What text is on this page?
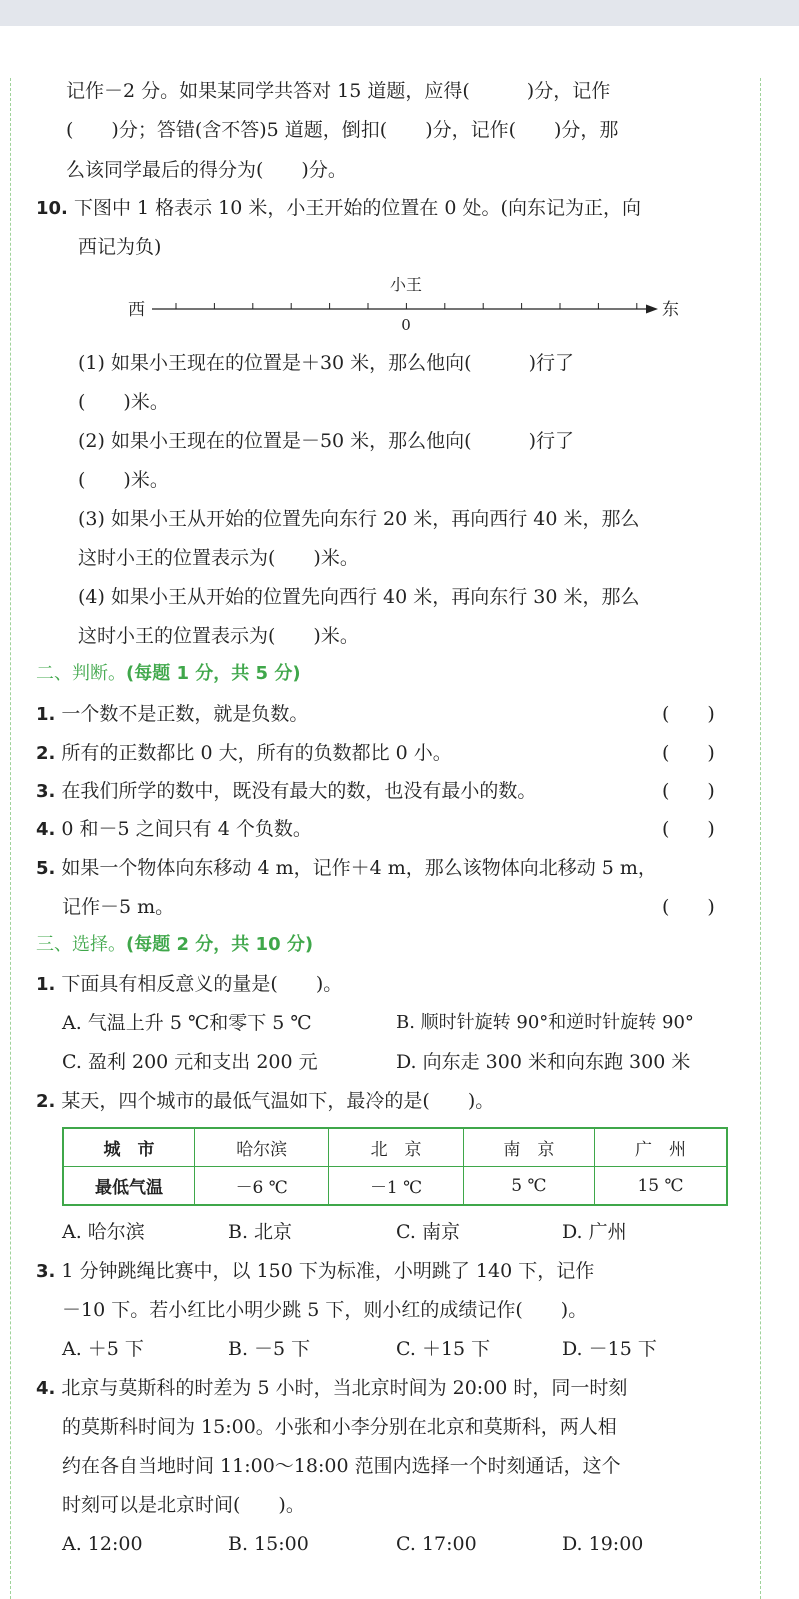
记作－2 分。如果某同学共答对 15 道题，应得(　　　)分，记作
(　　)分；答错(含不答)5 道题，倒扣(　　)分，记作(　　)分，那
么该同学最后的得分为(　　)分。
10. 下图中 1 格表示 10 米，小王开始的位置在 0 处。(向东记为正，向
西记为负)
西
小王
0
东
(1) 如果小王现在的位置是＋30 米，那么他向(　　　)行了
(　　)米。
(2) 如果小王现在的位置是－50 米，那么他向(　　　)行了
(　　)米。
(3) 如果小王从开始的位置先向东行 20 米，再向西行 40 米，那么
这时小王的位置表示为(　　)米。
(4) 如果小王从开始的位置先向西行 40 米，再向东行 30 米，那么
这时小王的位置表示为(　　)米。
二、判断。(每题 1 分，共 5 分)
1. 一个数不是正数，就是负数。	(　　)
2. 所有的正数都比 0 大，所有的负数都比 0 小。	(　　)
3. 在我们所学的数中，既没有最大的数，也没有最小的数。	(　　)
4. 0 和－5 之间只有 4 个负数。	(　　)
5. 如果一个物体向东移动 4 m，记作＋4 m，那么该物体向北移动 5 m，
记作－5 m。	(　　)
三、选择。(每题 2 分，共 10 分)
1. 下面具有相反意义的量是(　　)。
A. 气温上升 5 ℃和零下 5 ℃	B. 顺时针旋转 90°和逆时针旋转 90°
C. 盈利 200 元和支出 200 元	D. 向东走 300 米和向东跑 300 米
2. 某天，四个城市的最低气温如下，最冷的是(　　)。
城　市	哈尔滨	北　京	南　京	广　州
最低气温	－6 ℃	－1 ℃	5 ℃	15 ℃
A. 哈尔滨	B. 北京	C. 南京	D. 广州
3. 1 分钟跳绳比赛中，以 150 下为标准，小明跳了 140 下，记作
－10 下。若小红比小明少跳 5 下，则小红的成绩记作(　　)。
A. ＋5 下	B. －5 下	C. ＋15 下	D. －15 下
4. 北京与莫斯科的时差为 5 小时，当北京时间为 20:00 时，同一时刻
的莫斯科时间为 15:00。小张和小李分别在北京和莫斯科，两人相
约在各自当地时间 11:00～18:00 范围内选择一个时刻通话，这个
时刻可以是北京时间(　　)。
A. 12:00	B. 15:00	C. 17:00	D. 19:00
